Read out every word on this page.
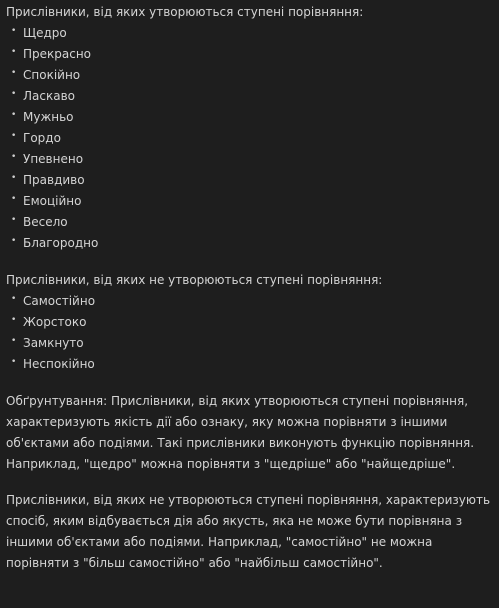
Прислівники, від яких утворюються ступені порівняння:

• Щедро
• Прекрасно
• Спокійно
• Ласкаво
• Мужньо
• Гордо
• Упевнено
• Правдиво
• Емоційно
• Весело
• Благородно

Прислівники, від яких не утворюються ступені порівняння:

• Самостійно
• Жорстоко
• Замкнуто
• Неспокійно

Обґрунтування: Прислівники, від яких утворюються ступені порівняння, характеризують якість дії або ознаку, яку можна порівняти з іншими об'єктами або подіями. Такі прислівники виконують функцію порівняння. Наприклад, "щедро" можна порівняти з "щедріше" або "найщедріше".

Прислівники, від яких не утворюються ступені порівняння, характеризують спосіб, яким відбувається дія або якусть, яка не може бути порівняна з іншими об'єктами або подіями. Наприклад, "самостійно" не можна порівняти з "більш самостійно" або "найбільш самостійно".
